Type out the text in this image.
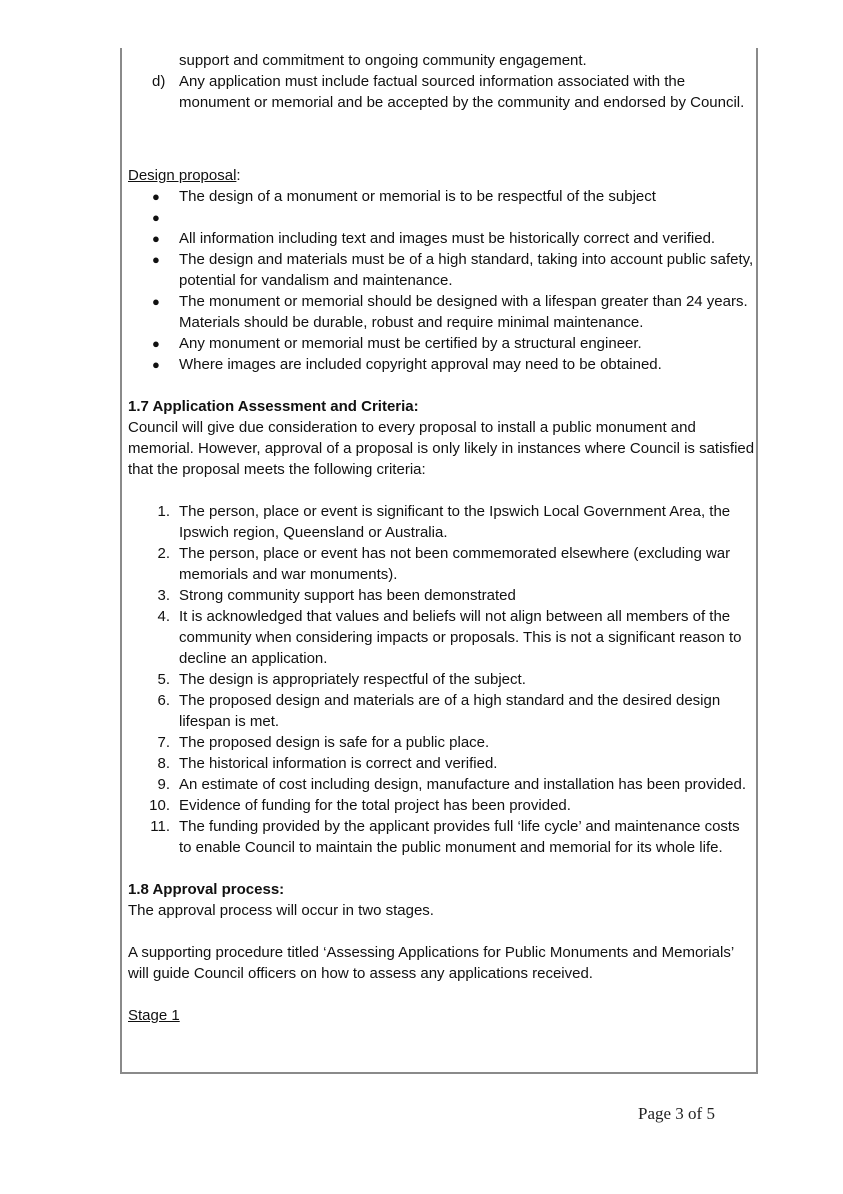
support and commitment to ongoing community engagement.
d) Any application must include factual sourced information associated with the monument or memorial and be accepted by the community and endorsed by Council.

Design proposal:

● The design of a monument or memorial is to be respectful of the subject
●
● All information including text and images must be historically correct and verified.
● The design and materials must be of a high standard, taking into account public safety, potential for vandalism and maintenance.
● The monument or memorial should be designed with a lifespan greater than 24 years. Materials should be durable, robust and require minimal maintenance.
● Any monument or memorial must be certified by a structural engineer.
● Where images are included copyright approval may need to be obtained.

1.7 Application Assessment and Criteria:

Council will give due consideration to every proposal to install a public monument and memorial. However, approval of a proposal is only likely in instances where Council is satisfied that the proposal meets the following criteria:

1. The person, place or event is significant to the Ipswich Local Government Area, the Ipswich region, Queensland or Australia.
2. The person, place or event has not been commemorated elsewhere (excluding war memorials and war monuments).
3. Strong community support has been demonstrated
4. It is acknowledged that values and beliefs will not align between all members of the community when considering impacts or proposals. This is not a significant reason to decline an application.
5. The design is appropriately respectful of the subject.
6. The proposed design and materials are of a high standard and the desired design lifespan is met.
7. The proposed design is safe for a public place.
8. The historical information is correct and verified.
9. An estimate of cost including design, manufacture and installation has been provided.
10. Evidence of funding for the total project has been provided.
11. The funding provided by the applicant provides full ‘life cycle’ and maintenance costs to enable Council to maintain the public monument and memorial for its whole life.

1.8 Approval process:

The approval process will occur in two stages.

A supporting procedure titled ‘Assessing Applications for Public Monuments and Memorials’ will guide Council officers on how to assess any applications received.

Stage 1

Page 3 of 5
